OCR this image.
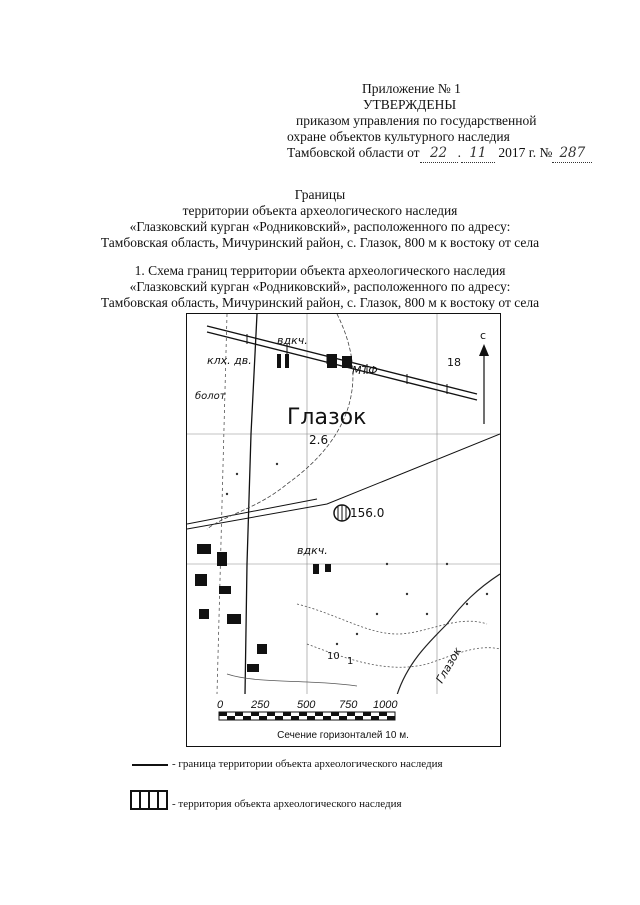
Приложение № 1
УТВЕРЖДЕНЫ
приказом управления по государственной
охране объектов культурного наследия
Тамбовской области от 22 . 11 2017 г. № 287
Границы
территории объекта археологического наследия
«Глазковский курган «Родниковский», расположенного по адресу:
Тамбовская область, Мичуринский район, с. Глазок, 800 м к востоку от села
1. Схема границ территории объекта археологического наследия
«Глазковский курган «Родниковский», расположенного по адресу:
Тамбовская область, Мичуринский район, с. Глазок, 800 м к востоку от села
вдкч.
клх. дв.
МТФ
болот
Глазок
2.6
156.0
вдкч.
18
с
Глазок
10 1
0	250	500 750 1000
Сечение горизонталей 10 м.
- граница территории объекта археологического наследия
- территория объекта археологического наследия
